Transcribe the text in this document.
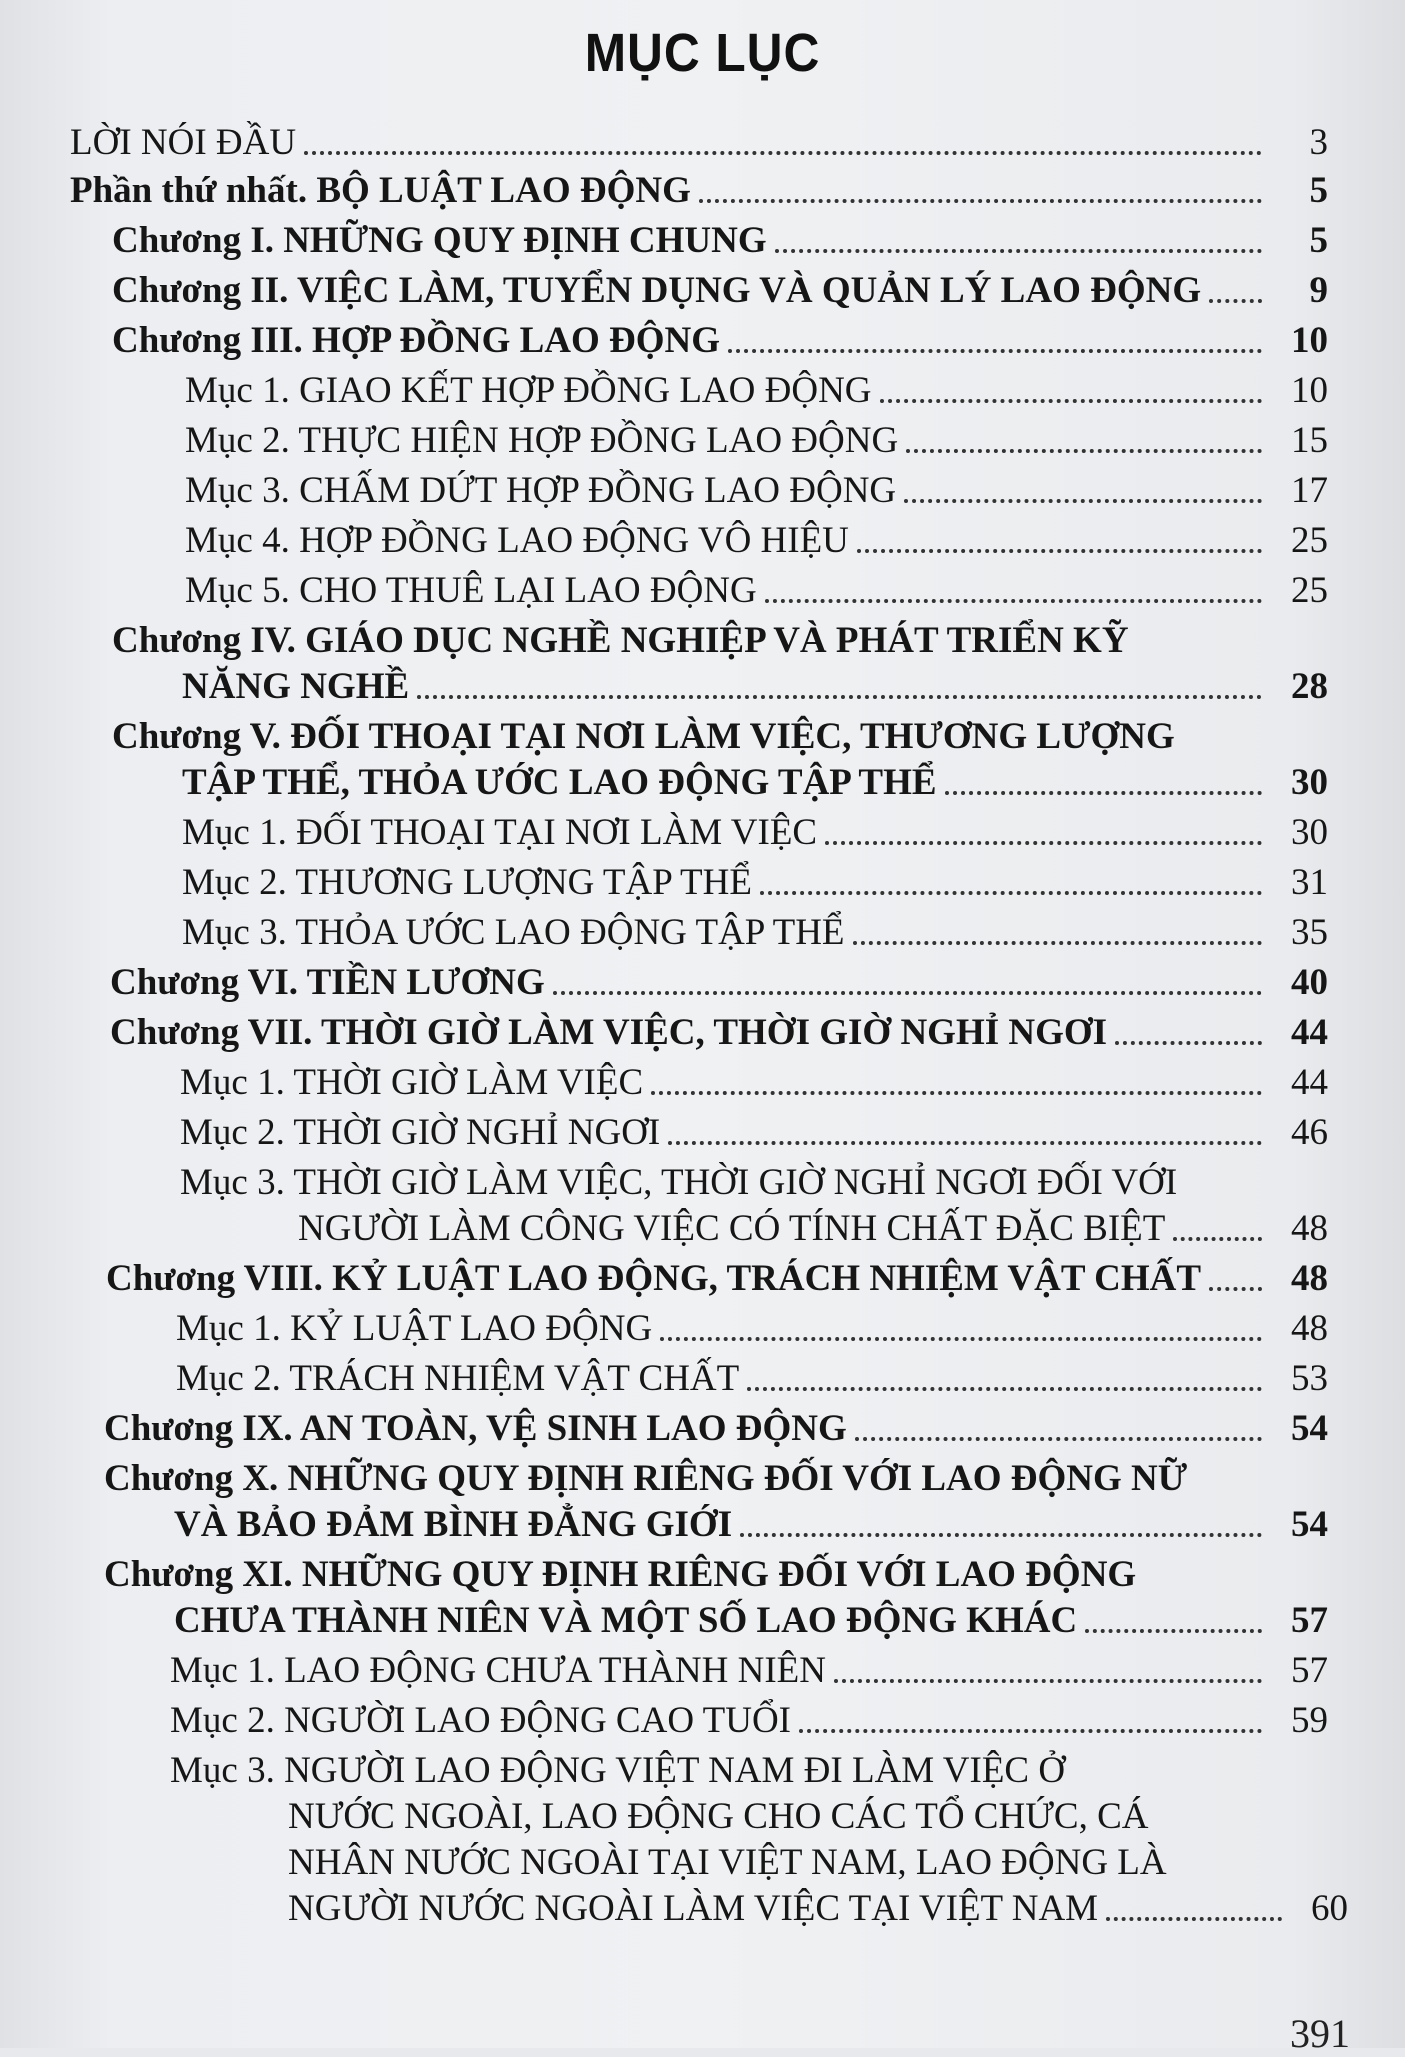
MỤC LỤC
LỜI NÓI ĐẦU	3
Phần thứ nhất. BỘ LUẬT LAO ĐỘNG	5
Chương I. NHỮNG QUY ĐỊNH CHUNG	5
Chương II. VIỆC LÀM, TUYỂN DỤNG VÀ QUẢN LÝ LAO ĐỘNG	9
Chương III. HỢP ĐỒNG LAO ĐỘNG	10
Mục 1. GIAO KẾT HỢP ĐỒNG LAO ĐỘNG	10
Mục 2. THỰC HIỆN HỢP ĐỒNG LAO ĐỘNG	15
Mục 3. CHẤM DỨT HỢP ĐỒNG LAO ĐỘNG	17
Mục 4. HỢP ĐỒNG LAO ĐỘNG VÔ HIỆU	25
Mục 5. CHO THUÊ LẠI LAO ĐỘNG	25
Chương IV. GIÁO DỤC NGHỀ NGHIỆP VÀ PHÁT TRIỂN KỸ
NĂNG NGHỀ	28
Chương V. ĐỐI THOẠI TẠI NƠI LÀM VIỆC, THƯƠNG LƯỢNG
TẬP THỂ, THỎA ƯỚC LAO ĐỘNG TẬP THỂ	30
Mục 1. ĐỐI THOẠI TẠI NƠI LÀM VIỆC	30
Mục 2. THƯƠNG LƯỢNG TẬP THỂ	31
Mục 3. THỎA ƯỚC LAO ĐỘNG TẬP THỂ	35
Chương VI. TIỀN LƯƠNG	40
Chương VII. THỜI GIỜ LÀM VIỆC, THỜI GIỜ NGHỈ NGƠI	44
Mục 1. THỜI GIỜ LÀM VIỆC	44
Mục 2. THỜI GIỜ NGHỈ NGƠI	46
Mục 3. THỜI GIỜ LÀM VIỆC, THỜI GIỜ NGHỈ NGƠI ĐỐI VỚI
NGƯỜI LÀM CÔNG VIỆC CÓ TÍNH CHẤT ĐẶC BIỆT	48
Chương VIII. KỶ LUẬT LAO ĐỘNG, TRÁCH NHIỆM VẬT CHẤT	48
Mục 1. KỶ LUẬT LAO ĐỘNG	48
Mục 2. TRÁCH NHIỆM VẬT CHẤT	53
Chương IX. AN TOÀN, VỆ SINH LAO ĐỘNG	54
Chương X. NHỮNG QUY ĐỊNH RIÊNG ĐỐI VỚI LAO ĐỘNG NỮ
VÀ BẢO ĐẢM BÌNH ĐẲNG GIỚI	54
Chương XI. NHỮNG QUY ĐỊNH RIÊNG ĐỐI VỚI LAO ĐỘNG
CHƯA THÀNH NIÊN VÀ MỘT SỐ LAO ĐỘNG KHÁC	57
Mục 1. LAO ĐỘNG CHƯA THÀNH NIÊN	57
Mục 2. NGƯỜI LAO ĐỘNG CAO TUỔI	59
Mục 3. NGƯỜI LAO ĐỘNG VIỆT NAM ĐI LÀM VIỆC Ở
NƯỚC NGOÀI, LAO ĐỘNG CHO CÁC TỔ CHỨC, CÁ
NHÂN NƯỚC NGOÀI TẠI VIỆT NAM, LAO ĐỘNG LÀ
NGƯỜI NƯỚC NGOÀI LÀM VIỆC TẠI VIỆT NAM	60
391
